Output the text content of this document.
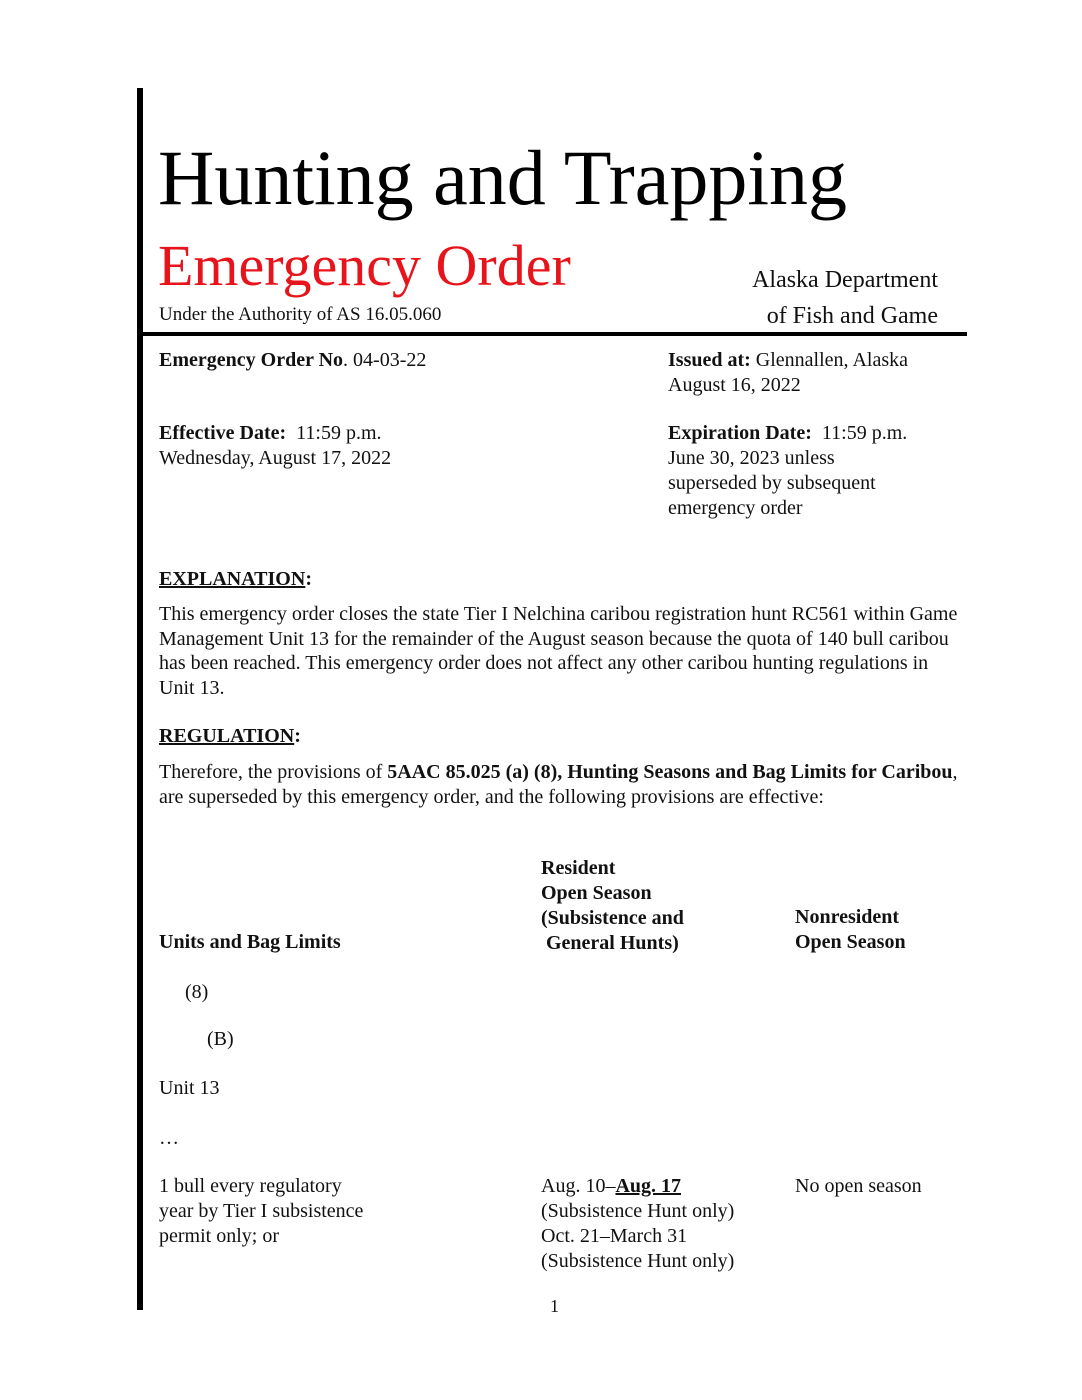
Hunting and Trapping
Emergency Order
Under the Authority of AS 16.05.060
Alaska Department
of Fish and Game
Emergency Order No. 04-03-22	Issued at: Glennallen, Alaska
August 16, 2022
Effective Date:  11:59 p.m.
Wednesday, August 17, 2022
Expiration Date:  11:59 p.m.
June 30, 2023 unless
superseded by subsequent
emergency order
EXPLANATION:
This emergency order closes the state Tier I Nelchina caribou registration hunt RC561 within Game Management Unit 13 for the remainder of the August season because the quota of 140 bull caribou has been reached. This emergency order does not affect any other caribou hunting regulations in Unit 13.
REGULATION:
Therefore, the provisions of 5AAC 85.025 (a) (8), Hunting Seasons and Bag Limits for Caribou, are superseded by this emergency order, and the following provisions are effective:
Resident
Open Season
(Subsistence and
General Hunts)
Units and Bag Limits
Nonresident
Open Season
(8)
(B)
Unit 13
…
1 bull every regulatory
year by Tier I subsistence
permit only; or
Aug. 10–Aug. 17
(Subsistence Hunt only)
Oct. 21–March 31
(Subsistence Hunt only)
No open season
1
